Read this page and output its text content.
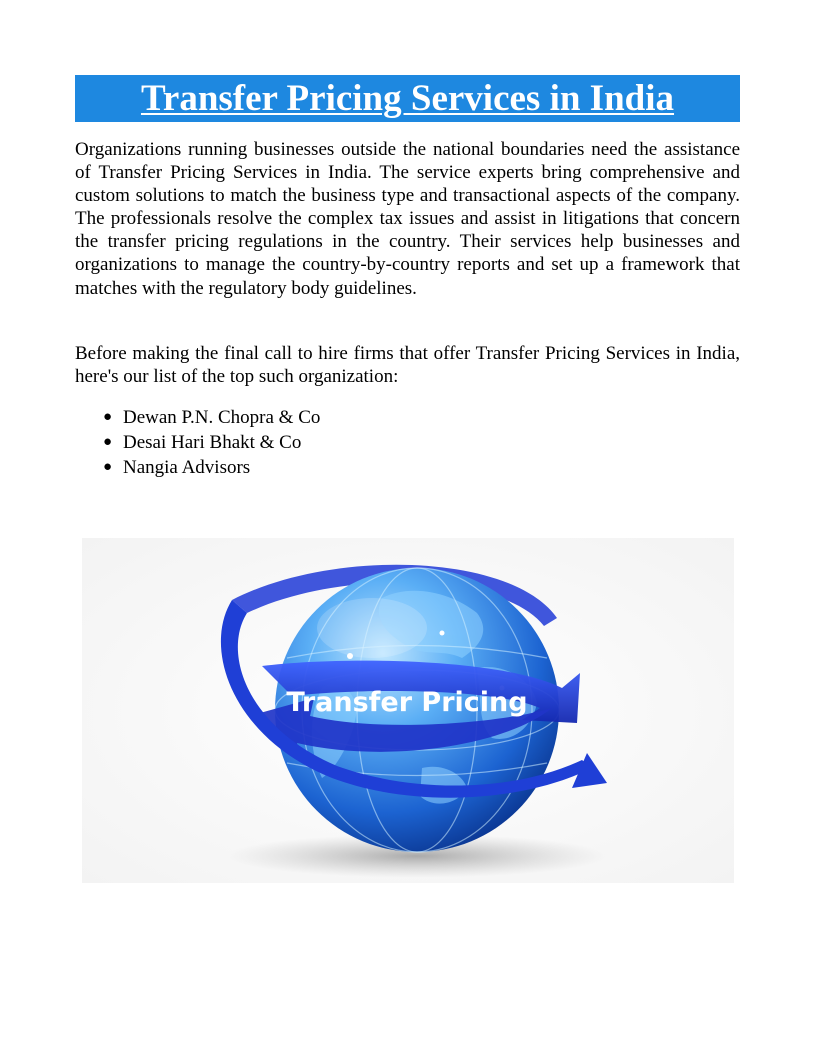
Transfer Pricing Services in India

Organizations running businesses outside the national boundaries need the assistance of Transfer Pricing Services in India. The service experts bring comprehensive and custom solutions to match the business type and transactional aspects of the company. The professionals resolve the complex tax issues and assist in litigations that concern the transfer pricing regulations in the country. Their services help businesses and organizations to manage the country-by-country reports and set up a framework that matches with the regulatory body guidelines.

Before making the final call to hire firms that offer Transfer Pricing Services in India, here's our list of the top such organization:

● Dewan P.N. Chopra & Co
● Desai Hari Bhakt & Co
● Nangia Advisors
Transfer Pricing
